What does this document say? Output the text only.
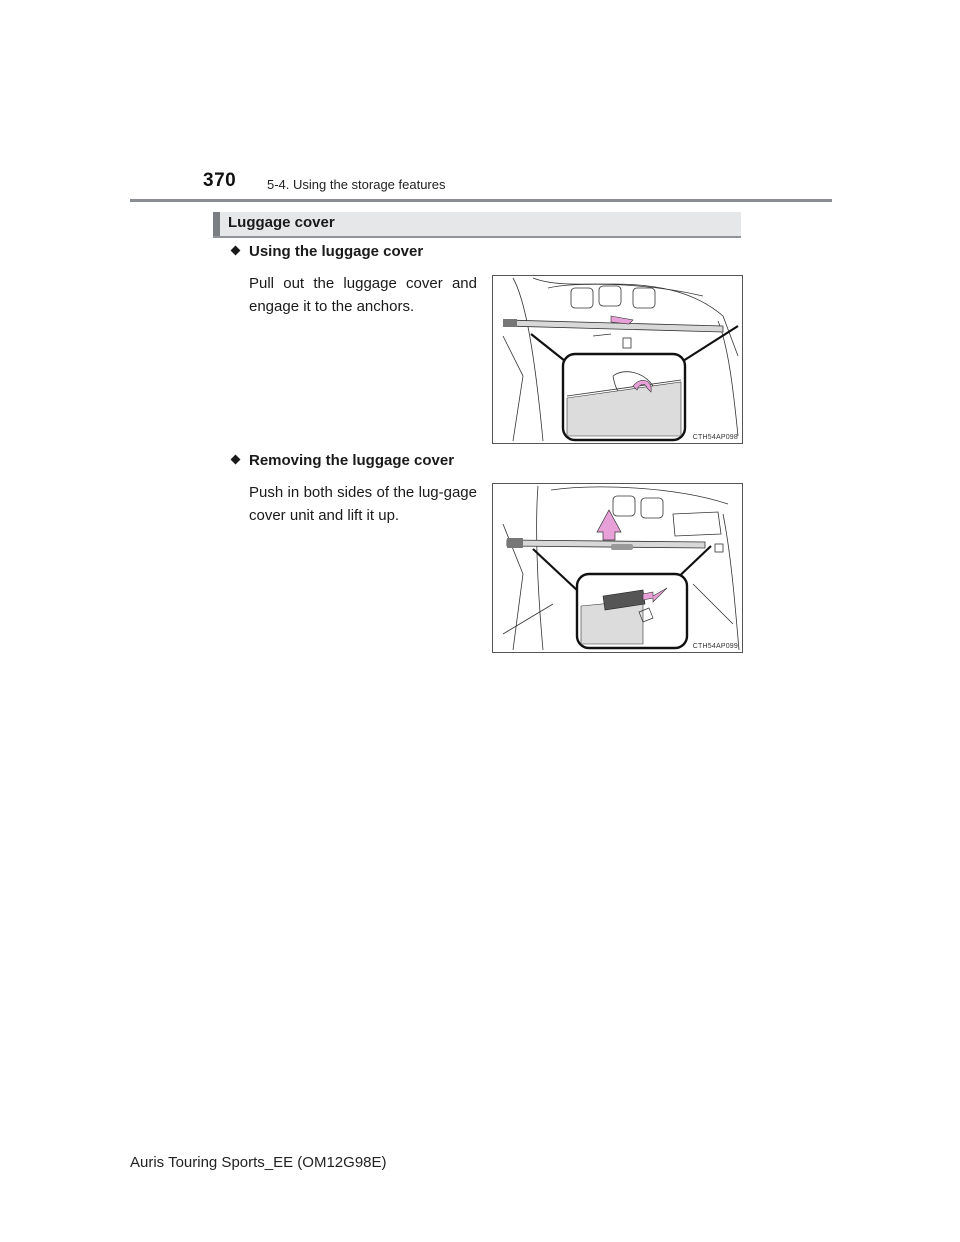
370 5-4. Using the storage features
Luggage cover
Using the luggage cover
Pull out the luggage cover and engage it to the anchors.
CTH54AP098
Removing the luggage cover
Push in both sides of the lug-gage cover unit and lift it up.
CTH54AP099
Auris Touring Sports_EE (OM12G98E)
